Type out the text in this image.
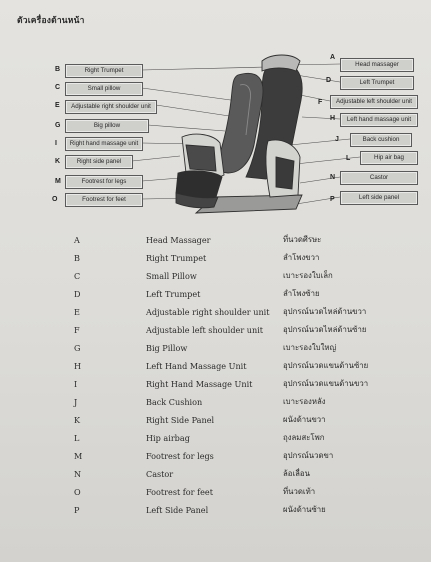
ตัวเครื่องด้านหน้า
B	Right Trumpet
C	Small pillow
E	Adjustable right shoulder unit
G	Big pillow
I	Right hand massage unit
K	Right side panel
M	Footrest for legs
O	Footrest for feet
A
Head massager
D	Left Trumpet
F	Adjustable left shoulder unit
H	Left hand massage unit
J	Back cushion
L	Hip air bag
N	Castor
P	Left side panel
A	Head Massager	ที่นวดศีรษะ
B	Right Trumpet	ลำโพงขวา
C	Small Pillow	เบาะรองใบเล็ก
D	Left Trumpet	ลำโพงซ้าย
E	Adjustable right shoulder unit อุปกรณ์นวดไหล่ด้านขวา
F	Adjustable left shoulder unit	อุปกรณ์นวดไหล่ด้านซ้าย
G	Big Pillow	เบาะรองใบใหญ่
H	Left Hand Massage Unit	อุปกรณ์นวดแขนด้านซ้าย
I	Right Hand Massage Unit	อุปกรณ์นวดแขนด้านขวา
J	Back Cushion	เบาะรองหลัง
K	Right Side Panel	ผนังด้านขวา
L	Hip airbag	ถุงลมสะโพก
M	Footrest for legs	อุปกรณ์นวดขา
N	Castor	ล้อเลื่อน
O	Footrest for feet	ที่นวดเท้า
P	Left Side Panel	ผนังด้านซ้าย
